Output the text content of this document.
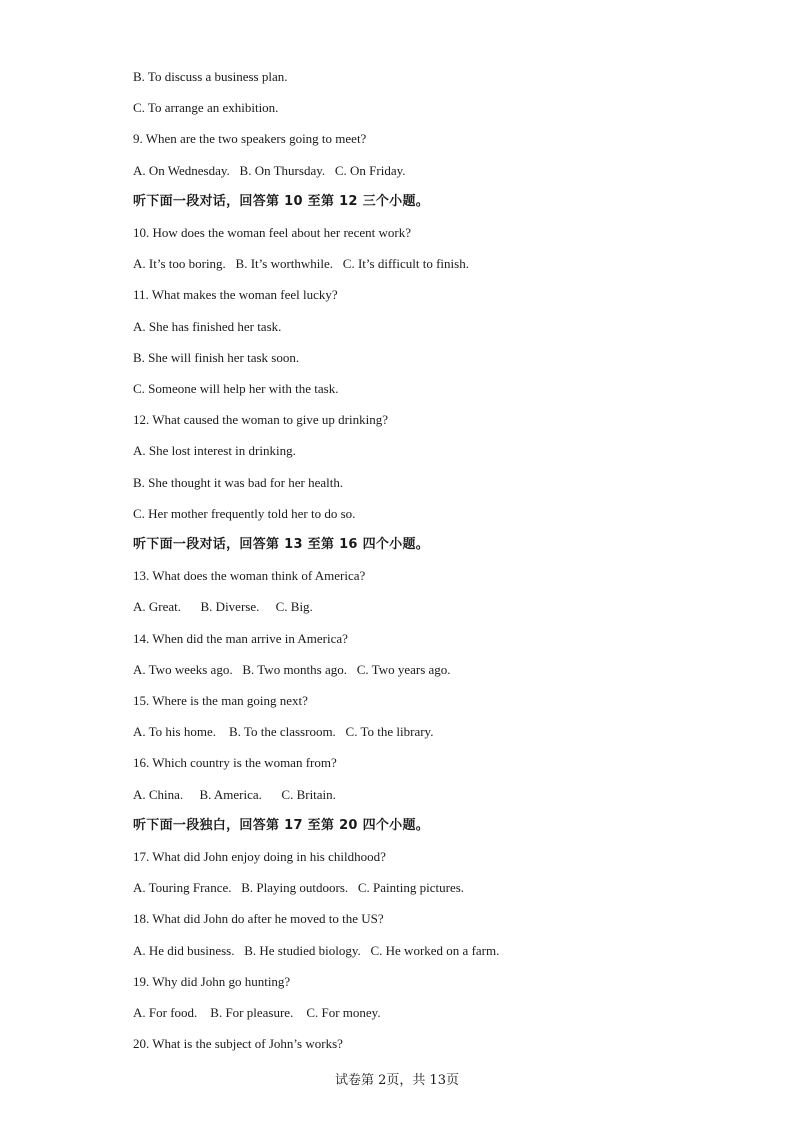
B. To discuss a business plan.
C. To arrange an exhibition.
9. When are the two speakers going to meet?
A. On Wednesday.   B. On Thursday.   C. On Friday.
听下面一段对话，回答第 10 至第 12 三个小题。
10. How does the woman feel about her recent work?
A. It’s too boring.   B. It’s worthwhile.   C. It’s difficult to finish.
11. What makes the woman feel lucky?
A. She has finished her task.
B. She will finish her task soon.
C. Someone will help her with the task.
12. What caused the woman to give up drinking?
A. She lost interest in drinking.
B. She thought it was bad for her health.
C. Her mother frequently told her to do so.
听下面一段对话，回答第 13 至第 16 四个小题。
13. What does the woman think of America?
A. Great.      B. Diverse.     C. Big.
14. When did the man arrive in America?
A. Two weeks ago.   B. Two months ago.   C. Two years ago.
15. Where is the man going next?
A. To his home.    B. To the classroom.   C. To the library.
16. Which country is the woman from?
A. China.     B. America.      C. Britain.
听下面一段独白，回答第 17 至第 20 四个小题。
17. What did John enjoy doing in his childhood?
A. Touring France.   B. Playing outdoors.   C. Painting pictures.
18. What did John do after he moved to the US?
A. He did business.   B. He studied biology.   C. He worked on a farm.
19. Why did John go hunting?
A. For food.    B. For pleasure.    C. For money.
20. What is the subject of John’s works?
试卷第 2页，共 13页
